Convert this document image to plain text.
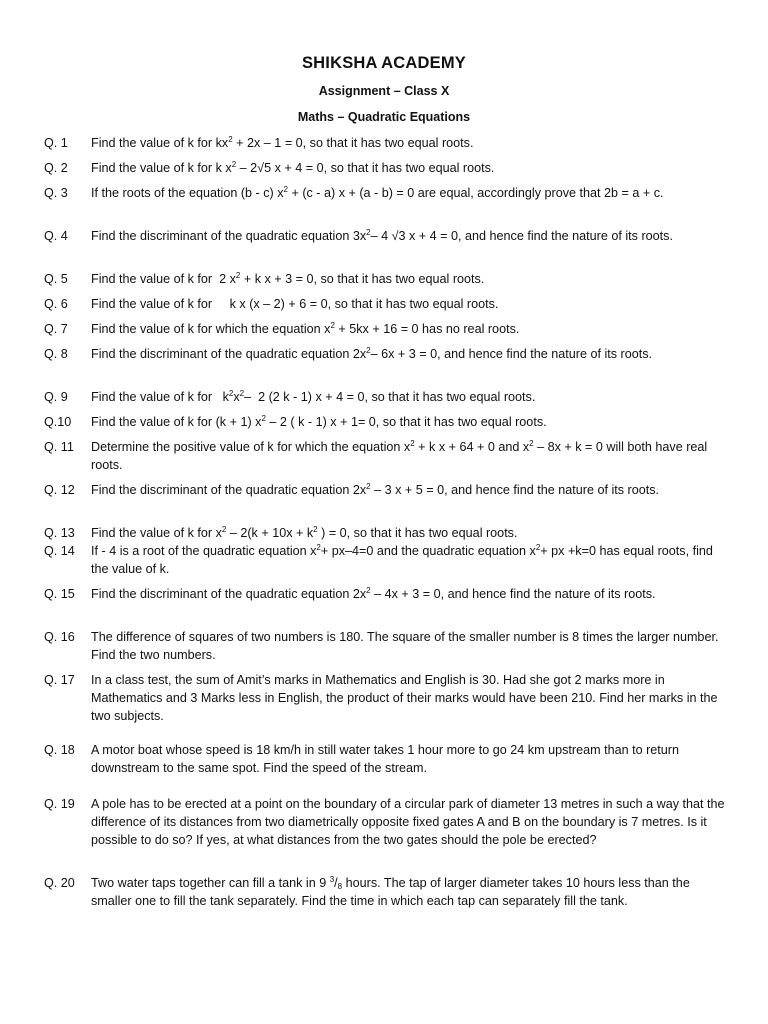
SHIKSHA ACADEMY
Assignment – Class X
Maths – Quadratic Equations
Q. 1	Find the value of k for $kx^2 + 2x - 1 = 0$, so that it has two equal roots.
Q. 2	Find the value of k for k $x^2 - 2√5$ x + 4 = 0, so that it has two equal roots.
Q. 3	If the roots of the equation (b - c) $x^2 + (c - a) x + (a - b) = 0$ are equal, accordingly prove that 2b = a + c.
Q. 4	Find the discriminant of the quadratic equation $3x^2-$ 4 √3 x + 4 = 0, and hence find the nature of its roots.
Q. 5	Find the value of k for  2 $x^2 + k$ x + 3 = 0, so that it has two equal roots.
Q. 6	Find the value of k for     k x (x – 2) + 6 = 0, so that it has two equal roots.
Q. 7	Find the value of k for which the equation $x^2 + 5kx + 16 = 0$ has no real roots.
Q. 8	Find the discriminant of the quadratic equation $2x^2-$ 6x + 3 = 0, and hence find the nature of its roots.
Q. 9	Find the value of k for   $k^2x^2-$  2 (2 k - 1) x + 4 = 0, so that it has two equal roots.
Q.10	Find the value of k for (k + 1) $x^2 - 2$ ( k - 1) x + 1= 0, so that it has two equal roots.
Q. 11	Determine the positive value of k for which the equation $x^2 + k$ x + 64 + 0 and $x^2 - 8x + k = 0$ will both have real roots.
Q. 12	Find the discriminant of the quadratic equation $2x^2 - 3$ x + 5 = 0, and hence find the nature of its roots.
Q. 13	Find the value of k for $x^2 - 2(k + 10x + k^2$ ) = 0, so that it has two equal roots.
Q. 14	If - 4 is a root of the quadratic equation $x^2+ px-4=0$ and the quadratic equation $x^2+$ px +k=0 has equal roots, find the value of k.
Q. 15	Find the discriminant of the quadratic equation $2x^2 - 4x + 3 = 0$, and hence find the nature of its roots.
Q. 16	The difference of squares of two numbers is 180. The square of the smaller number is 8 times the larger number. Find the two numbers.
Q. 17	In a class test, the sum of Amit’s marks in Mathematics and English is 30. Had she got 2 marks more in Mathematics and 3 Marks less in English, the product of their marks would have been 210. Find her marks in the two subjects.
Q. 18	A motor boat whose speed is 18 km/h in still water takes 1 hour more to go 24 km upstream than to return downstream to the same spot. Find the speed of the stream.
Q. 19	A pole has to be erected at a point on the boundary of a circular park of diameter 13 metres in such a way that the difference of its distances from two diametrically opposite fixed gates A and B on the boundary is 7 metres. Is it possible to do so? If yes, at what distances from the two gates should the pole be erected?
Q. 20	Two water taps together can fill a tank in 9 $^3/_8$ hours. The tap of larger diameter takes 10 hours less than the smaller one to fill the tank separately. Find the time in which each tap can separately fill the tank.
